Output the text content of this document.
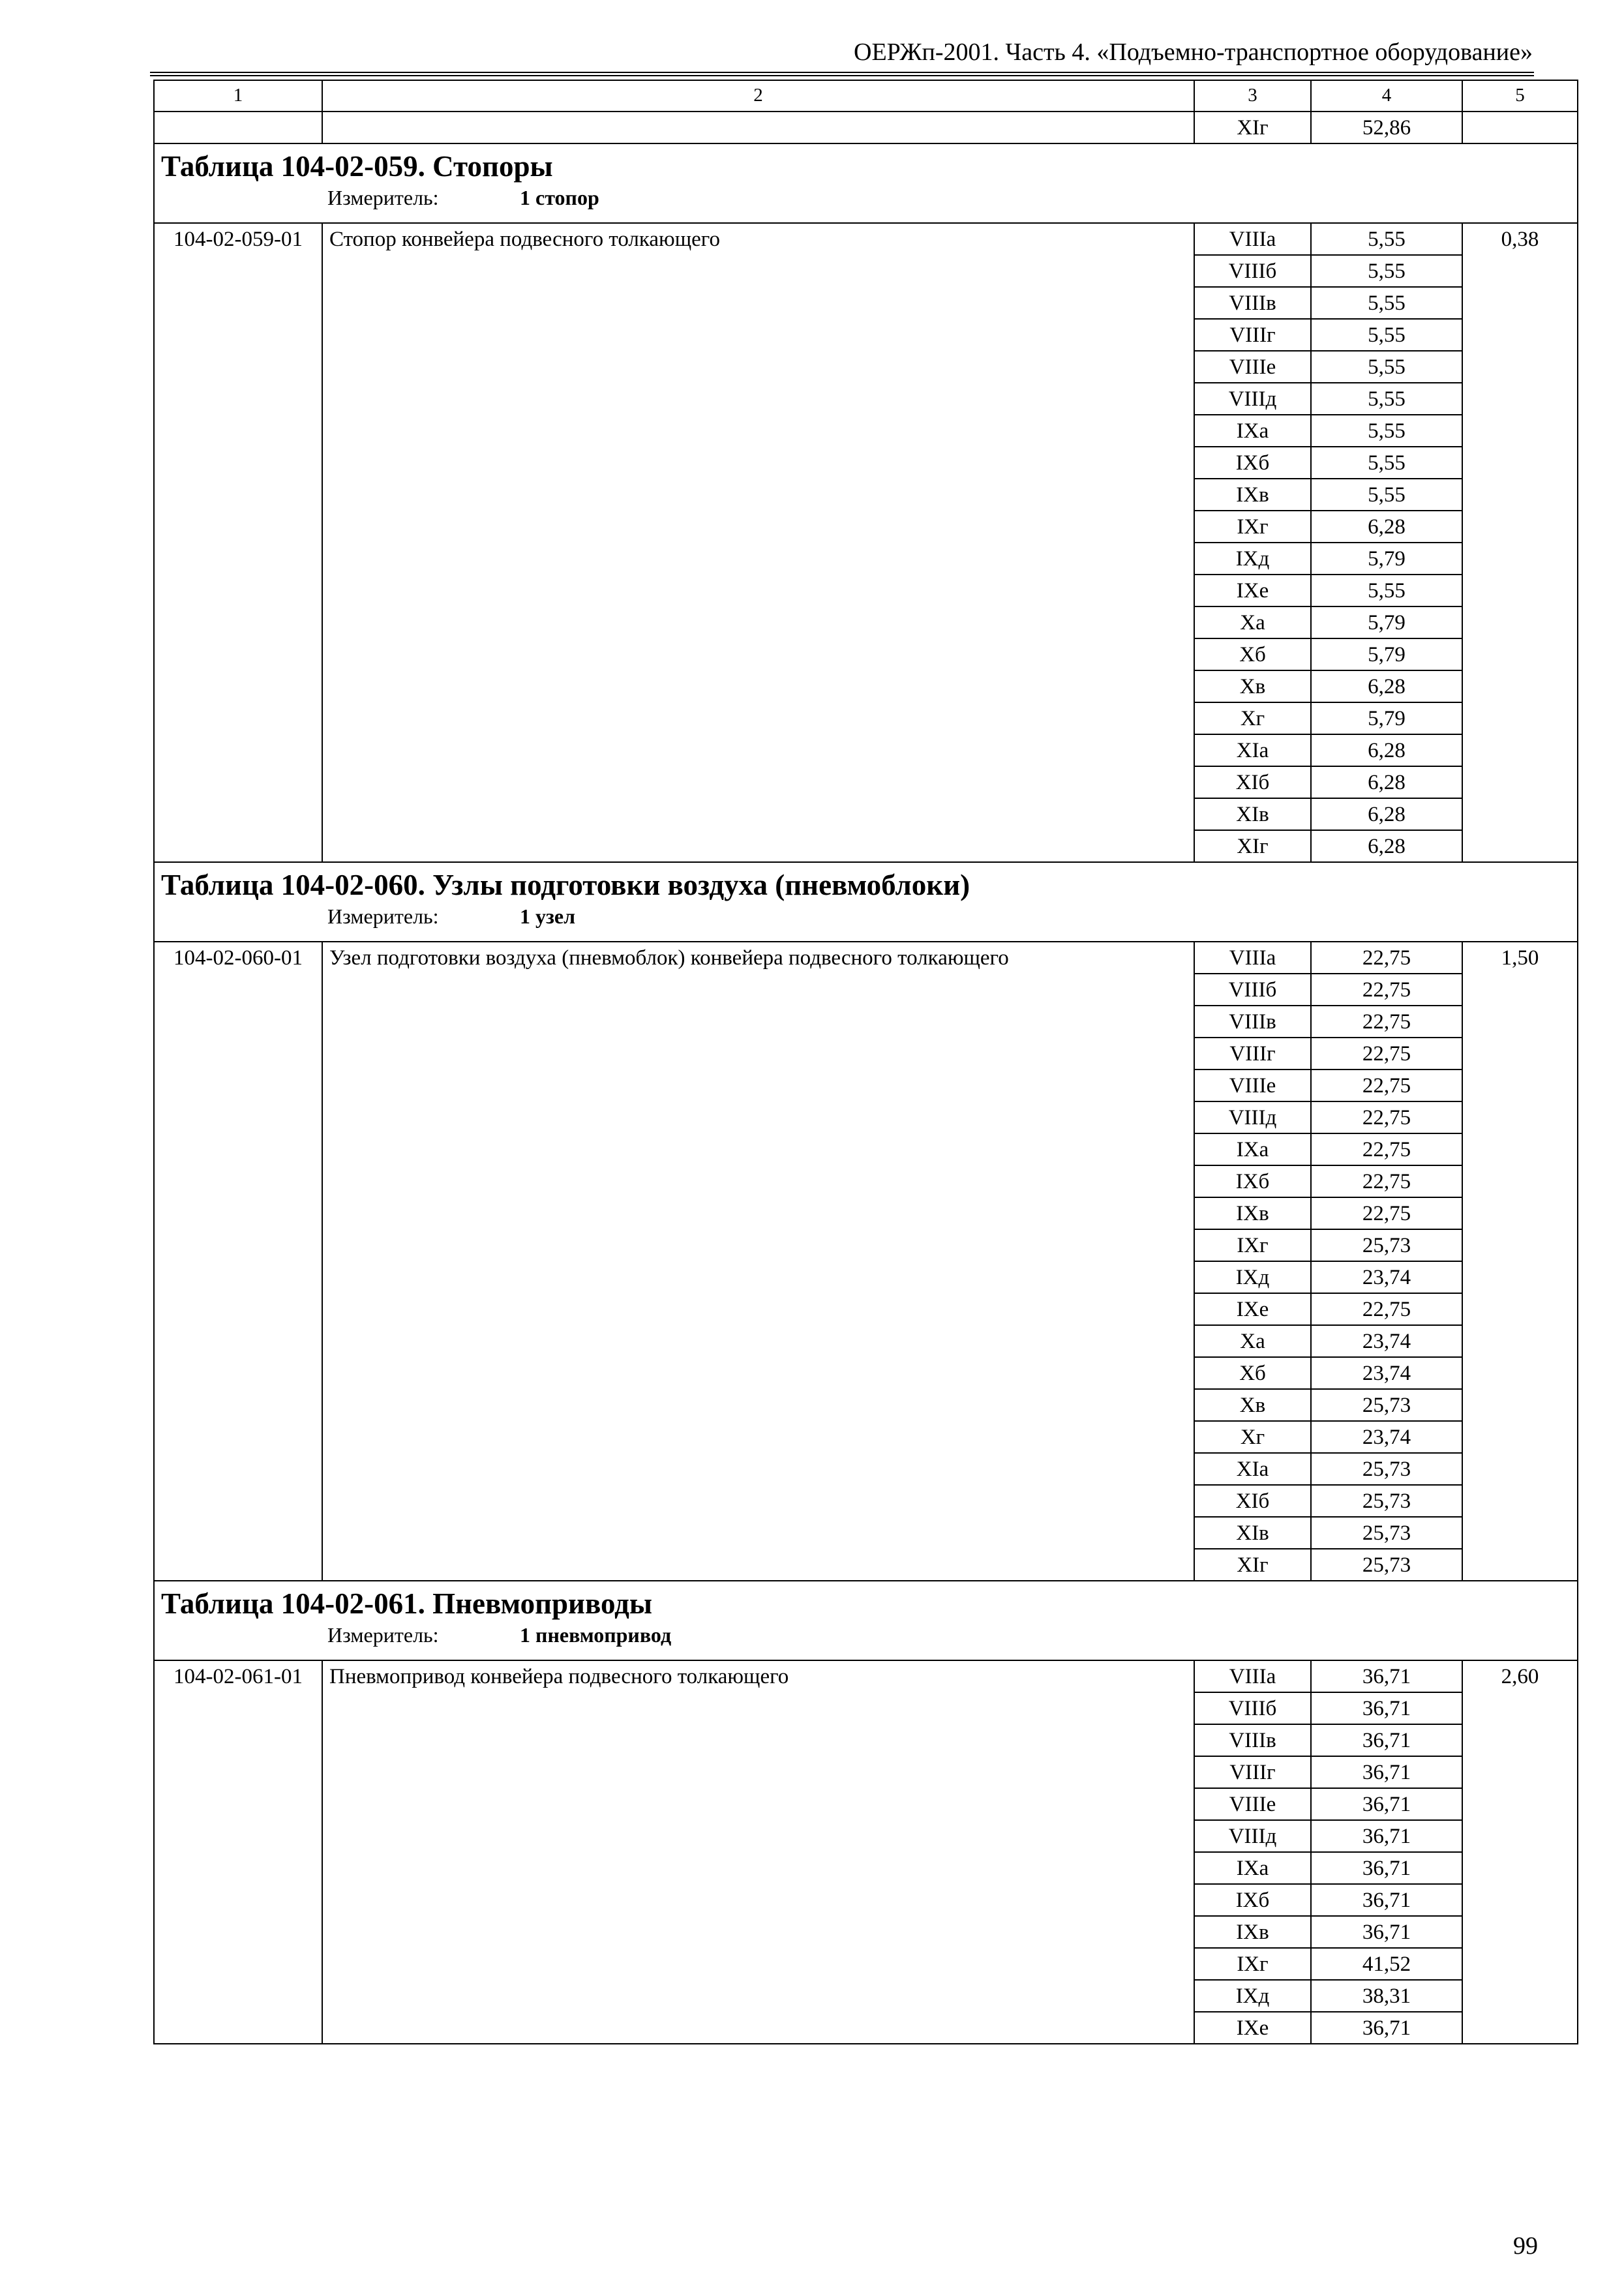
ОЕРЖп-2001. Часть 4. «Подъемно-транспортное оборудование»
1	2	3	4	5
		XIг	52,86	

Таблица 104-02-059. Стопоры
Измеритель: 1 стопор				

104-02-059-01	Стопор конвейера подвесного толкающего	VIIIа	5,55	0,38
		VIIIб	5,55	
		VIIIв	5,55	
		VIIIг	5,55	
		VIIIе	5,55	
		VIIIд	5,55	
		IXа	5,55	
		IXб	5,55	
		IXв	5,55	
		IXг	6,28	
		IXд	5,79	
		IXе	5,55	
		Xа	5,79	
		Xб	5,79	
		Xв	6,28	
		Xг	5,79	
		XIа	6,28	
		XIб	6,28	
		XIв	6,28	
		XIг	6,28	

Таблица 104-02-060. Узлы подготовки воздуха (пневмоблоки)
Измеритель: 1 узел				

104-02-060-01	Узел подготовки воздуха (пневмоблок) конвейера подвесного толкающего	VIIIа	22,75	1,50
		VIIIб	22,75	
		VIIIв	22,75	
		VIIIг	22,75	
		VIIIе	22,75	
		VIIIд	22,75	
		IXа	22,75	
		IXб	22,75	
		IXв	22,75	
		IXг	25,73	
		IXд	23,74	
		IXе	22,75	
		Xа	23,74	
		Xб	23,74	
		Xв	25,73	
		Xг	23,74	
		XIа	25,73	
		XIб	25,73	
		XIв	25,73	
		XIг	25,73	

Таблица 104-02-061. Пневмоприводы
Измеритель: 1 пневмопривод				

104-02-061-01	Пневмопривод конвейера подвесного толкающего	VIIIа	36,71	2,60
		VIIIб	36,71	
		VIIIв	36,71	
		VIIIг	36,71	
		VIIIе	36,71	
		VIIIд	36,71	
		IXа	36,71	
		IXб	36,71	
		IXв	36,71	
		IXг	41,52	
		IXд	38,31	
		IXе	36,71	
99
